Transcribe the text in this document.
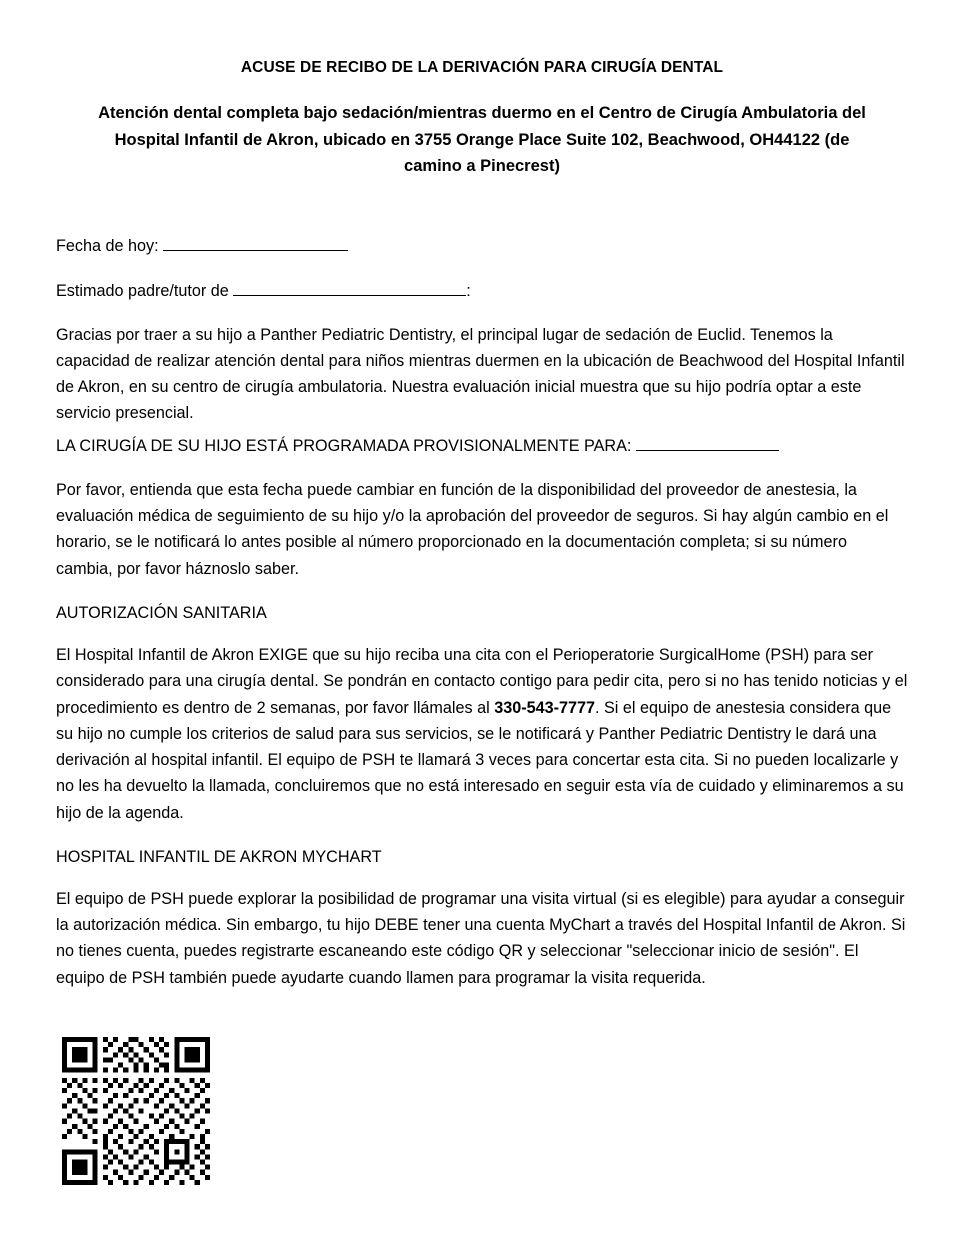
ACUSE DE RECIBO DE LA DERIVACIÓN PARA CIRUGÍA DENTAL
Atención dental completa bajo sedación/mientras duermo en el Centro de Cirugía Ambulatoria del Hospital Infantil de Akron, ubicado en 3755 Orange Place Suite 102, Beachwood, OH44122 (de camino a Pinecrest)

Fecha de hoy:

Estimado padre/tutor de	:

Gracias por traer a su hijo a Panther Pediatric Dentistry, el principal lugar de sedación de Euclid. Tenemos la capacidad de realizar atención dental para niños mientras duermen en la ubicación de Beachwood del Hospital Infantil de Akron, en su centro de cirugía ambulatoria. Nuestra evaluación inicial muestra que su hijo podría optar a este servicio presencial.

LA CIRUGÍA DE SU HIJO ESTÁ PROGRAMADA PROVISIONALMENTE PARA:

Por favor, entienda que esta fecha puede cambiar en función de la disponibilidad del proveedor de anestesia, la evaluación médica de seguimiento de su hijo y/o la aprobación del proveedor de seguros. Si hay algún cambio en el horario, se le notificará lo antes posible al número proporcionado en la documentación completa; si su número cambia, por favor háznoslo saber.

AUTORIZACIÓN SANITARIA

El Hospital Infantil de Akron EXIGE que su hijo reciba una cita con el Perioperatorie SurgicalHome (PSH) para ser considerado para una cirugía dental. Se pondrán en contacto contigo para pedir cita, pero si no has tenido noticias y el procedimiento es dentro de 2 semanas, por favor llámales al 330-543-7777. Si el equipo de anestesia considera que su hijo no cumple los criterios de salud para sus servicios, se le notificará y Panther Pediatric Dentistry le dará una derivación al hospital infantil. El equipo de PSH te llamará 3 veces para concertar esta cita. Si no pueden localizarle y no les ha devuelto la llamada, concluiremos que no está interesado en seguir esta vía de cuidado y eliminaremos a su hijo de la agenda.

HOSPITAL INFANTIL DE AKRON MYCHART

El equipo de PSH puede explorar la posibilidad de programar una visita virtual (si es elegible) para ayudar a conseguir la autorización médica. Sin embargo, tu hijo DEBE tener una cuenta MyChart a través del Hospital Infantil de Akron. Si no tienes cuenta, puedes registrarte escaneando este código QR y seleccionar "seleccionar inicio de sesión". El equipo de PSH también puede ayudarte cuando llamen para programar la visita requerida.
